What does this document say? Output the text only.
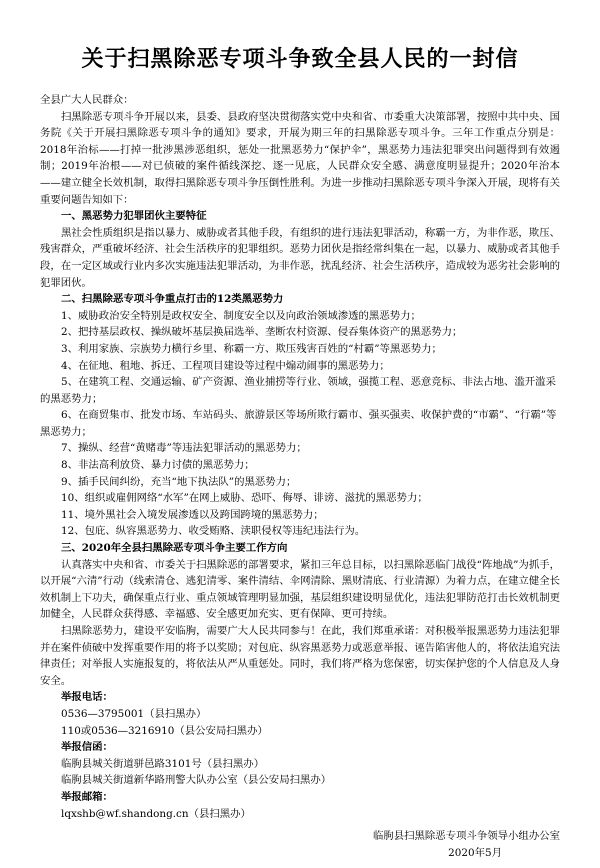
关于扫黑除恶专项斗争致全县人民的一封信

全县广大人民群众：

扫黑除恶专项斗争开展以来，县委、县政府坚决贯彻落实党中央和省、市委重大决策部署，按照中共中央、国务院《关于开展扫黑除恶专项斗争的通知》要求，开展为期三年的扫黑除恶专项斗争。三年工作重点分别是：2018年治标——打掉一批涉黑涉恶组织，惩处一批黑恶势力“保护伞”，黑恶势力违法犯罪突出问题得到有效遏制；2019年治根——对已侦破的案件循线深挖、逐一见底，人民群众安全感、满意度明显提升；2020年治本——建立健全长效机制，取得扫黑除恶专项斗争压倒性胜利。为进一步推动扫黑除恶专项斗争深入开展，现将有关重要问题告知如下：

一、黑恶势力犯罪团伙主要特征

黑社会性质组织是指以暴力、威胁或者其他手段，有组织的进行违法犯罪活动，称霸一方，为非作恶，欺压、残害群众，严重破坏经济、社会生活秩序的犯罪组织。恶势力团伙是指经常纠集在一起，以暴力、威胁或者其他手段，在一定区域或行业内多次实施违法犯罪活动，为非作恶，扰乱经济、社会生活秩序，造成较为恶劣社会影响的犯罪团伙。

二、扫黑除恶专项斗争重点打击的12类黑恶势力

1、威胁政治安全特别是政权安全、制度安全以及向政治领域渗透的黑恶势力；
2、把持基层政权、操纵破坏基层换届选举、垄断农村资源、侵吞集体资产的黑恶势力；
3、利用家族、宗族势力横行乡里、称霸一方、欺压残害百姓的“村霸”等黑恶势力；
4、在征地、租地、拆迁、工程项目建设等过程中煽动闹事的黑恶势力；
5、在建筑工程、交通运输、矿产资源、渔业捕捞等行业、领域，强揽工程、恶意竞标、非法占地、滥开滥采的黑恶势力；
6、在商贸集市、批发市场、车站码头、旅游景区等场所欺行霸市、强买强卖、收保护费的“市霸”、“行霸”等黑恶势力；
7、操纵、经营“黄赌毒”等违法犯罪活动的黑恶势力；
8、非法高利放贷、暴力讨债的黑恶势力；
9、插手民间纠纷，充当“地下执法队”的黑恶势力；
10、组织或雇佣网络“水军”在网上威胁、恐吓、侮辱、诽谤、滋扰的黑恶势力；
11、境外黑社会入境发展渗透以及跨国跨境的黑恶势力；
12、包庇、纵容黑恶势力、收受贿赂、渎职侵权等违纪违法行为。

三、2020年全县扫黑除恶专项斗争主要工作方向

认真落实中央和省、市委关于扫黑除恶的部署要求，紧扣三年总目标，以扫黑除恶临门战役“阵地战”为抓手，以开展“六清”行动（线索清仓、逃犯清零、案件清结、伞网清除、黑财清底、行业清源）为着力点，在建立健全长效机制上下功夫，确保重点行业、重点领域管理明显加强，基层组织建设明显优化，违法犯罪防范打击长效机制更加健全，人民群众获得感、幸福感、安全感更加充实、更有保障、更可持续。

扫黑除恶势力，建设平安临朐，需要广大人民共同参与！在此，我们郑重承诺：对积极举报黑恶势力违法犯罪并在案件侦破中发挥重要作用的将予以奖励；对包庇、纵容黑恶势力或恶意举报、诬告陷害他人的，将依法追究法律责任；对举报人实施报复的，将依法从严从重惩处。同时，我们将严格为您保密，切实保护您的个人信息及人身安全。

举报电话：
0536—3795001（县扫黑办）
110或0536—3216910（县公安局扫黑办）
举报信函：
临朐县城关街道骈邑路3101号（县扫黑办）
临朐县城关街道新华路刑警大队办公室（县公安局扫黑办）
举报邮箱：
lqxshb@wf.shandong.cn（县扫黑办）
临朐县扫黑除恶专项斗争领导小组办公室
2020年5月
